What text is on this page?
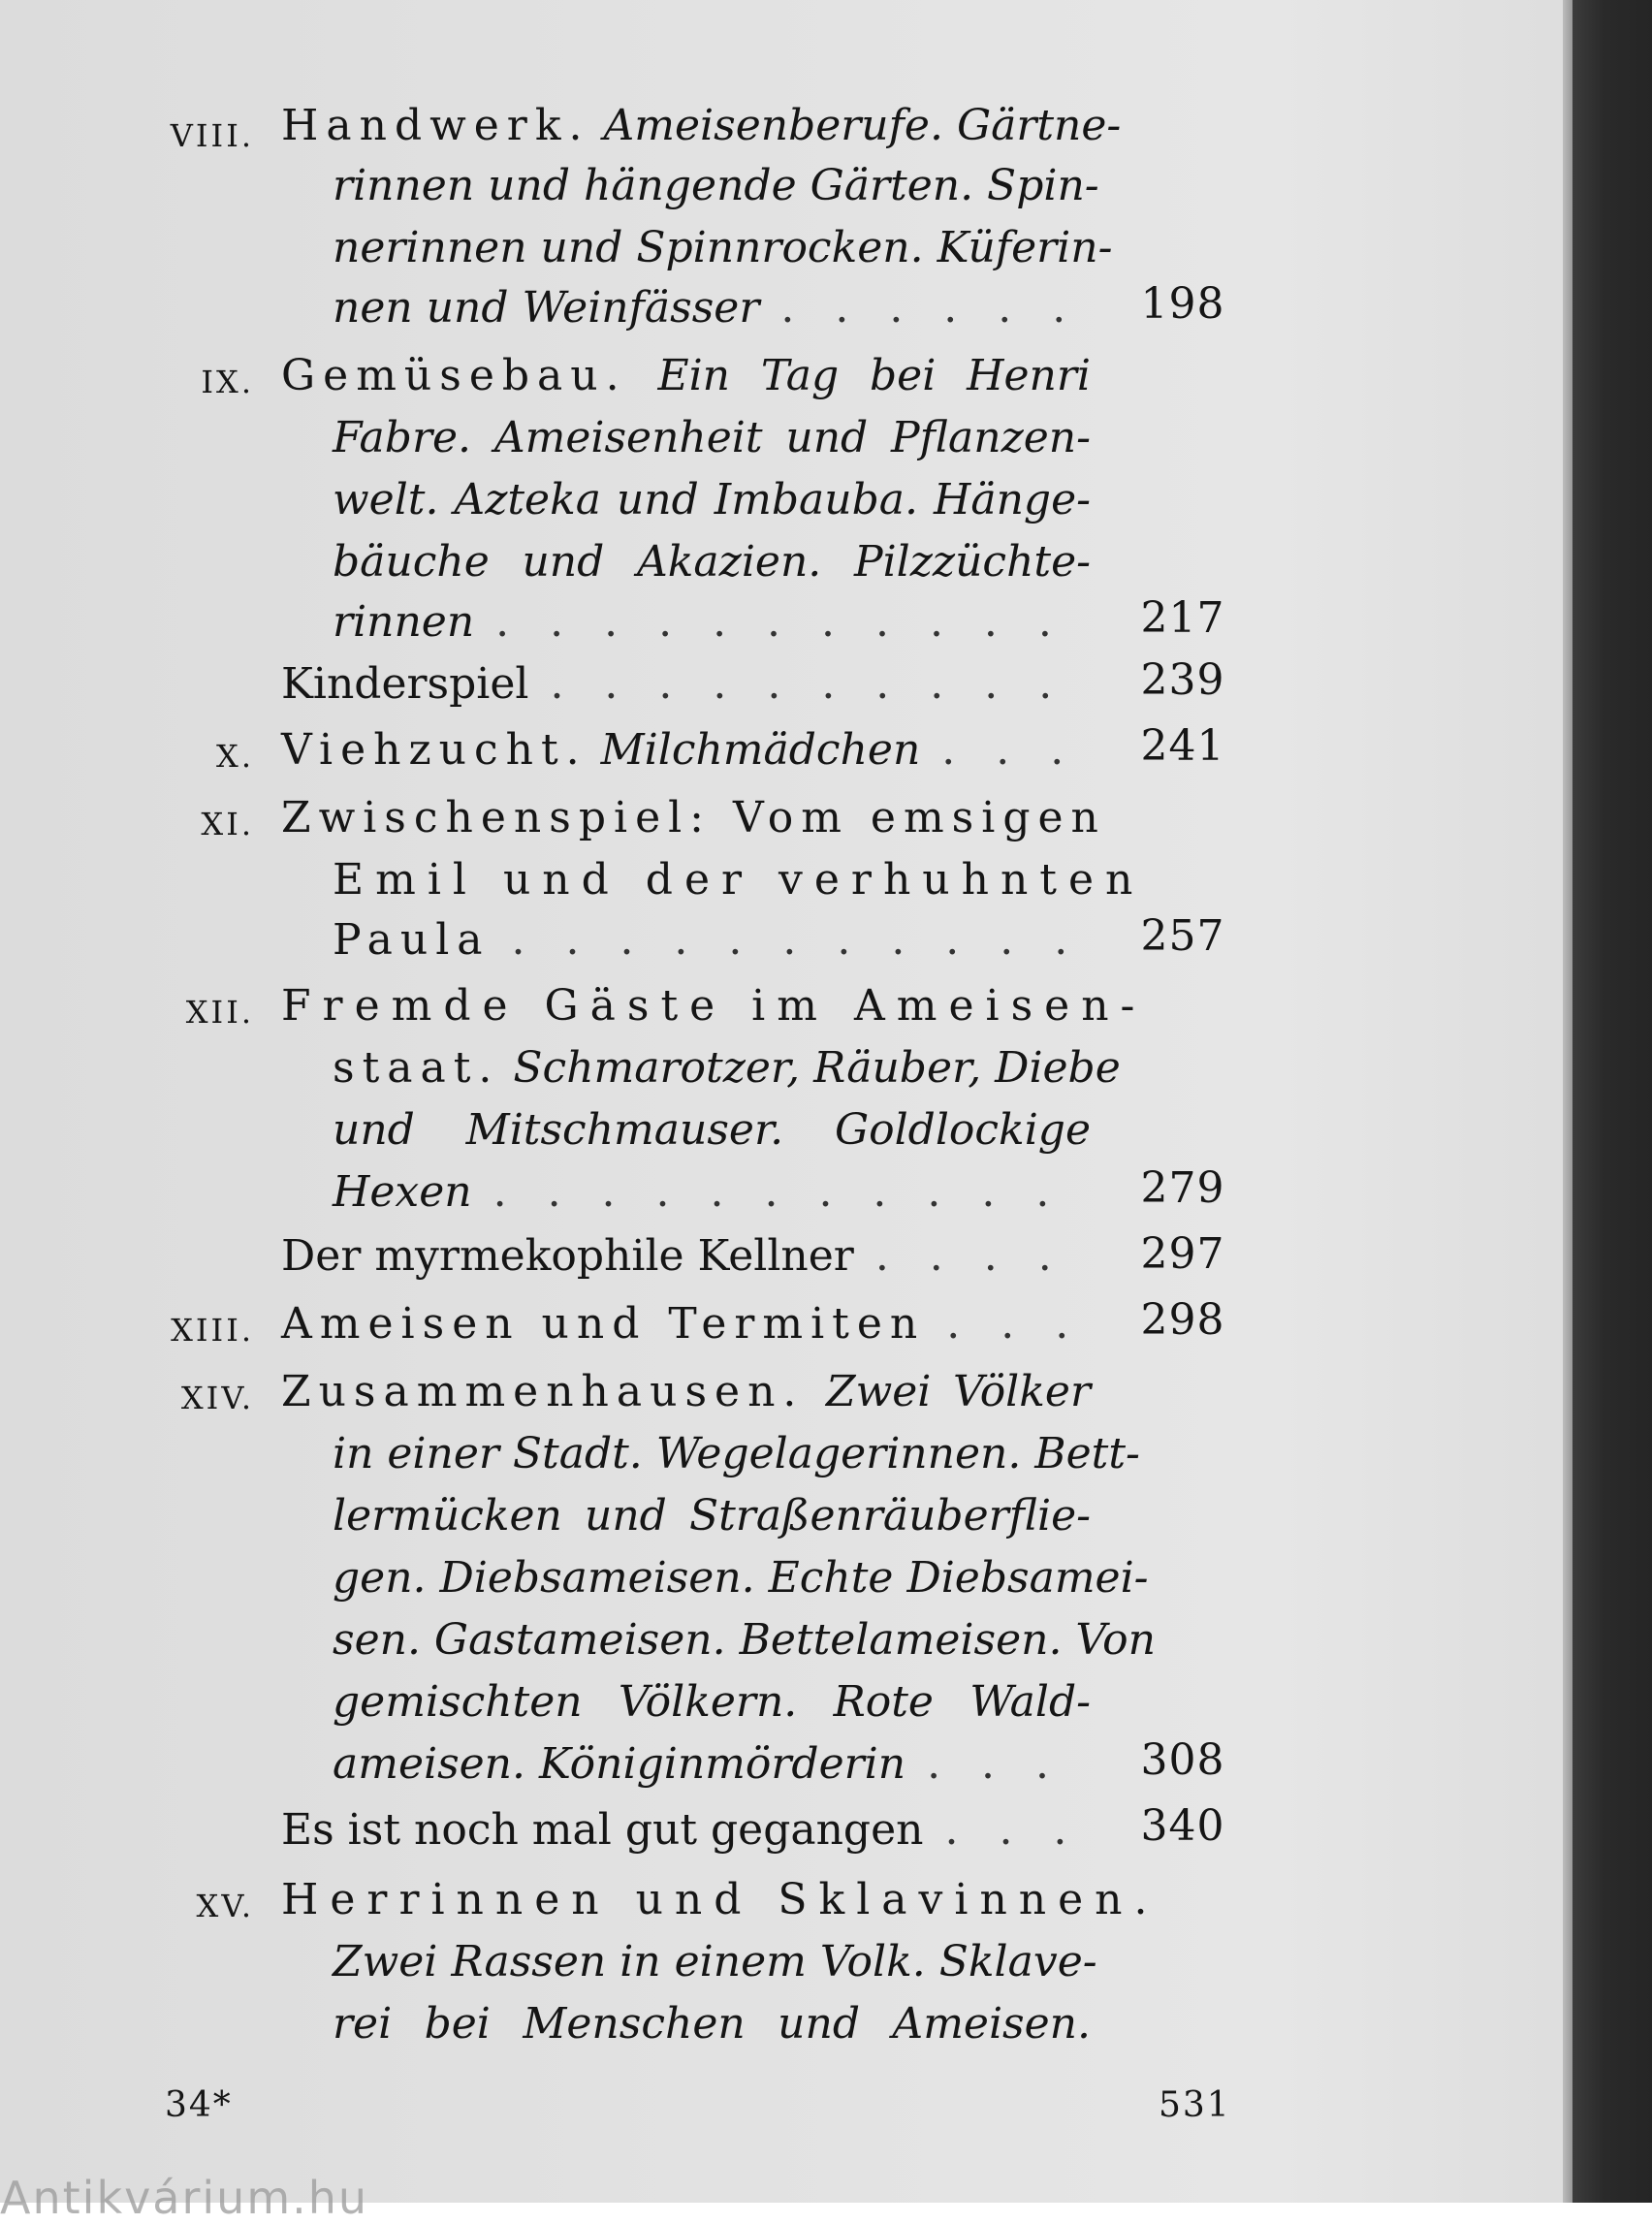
VIII. Handwerk. Ameisenberufe. Gärtne-
rinnen und hängende Gärten. Spin-
nerinnen und Spinnrocken. Küferin-
nen und Weinfässer . . .	198
IX. Gemüsebau. Ein Tag bei Henri
Fabre. Ameisenheit und Pflanzen-
welt. Azteka und Imbauba. Hänge-
bäuche und Akazien. Pilzzüchte-
rinnen . . .	217
Kinderspiel . . .	239
X. Viehzucht.
Milchmädchen . . .	241
XI. Zwischenspiel: Vom emsigen
Emil und der verhuhnten
Paula . . .	257
XII. Fremde Gäste im Ameisen-
staat. Schmarotzer, Räuber, Diebe
und Mitschmauser. Goldlockige
Hexen . . .	279
Der myrmekophile Kellner . . .	297
XIII. Ameisen und Termiten . . .	298
XIV. Zusammenhausen. Zwei Völker
in einer Stadt. Wegelagerinnen. Bett-
lermücken und Straßenräuberflie-
gen. Diebsameisen. Echte Diebsamei-
sen. Gastameisen. Bettelameisen. Von
gemischten Völkern. Rote Wald-
ameisen. Königinmörderin . . .	308
Es ist noch mal gut gegangen . . .	340
XV. Herrinnen und Sklavinnen.
Zwei Rassen in einem Volk. Sklave-
rei bei Menschen und Ameisen.
34*	531
Antikvárium.hu
